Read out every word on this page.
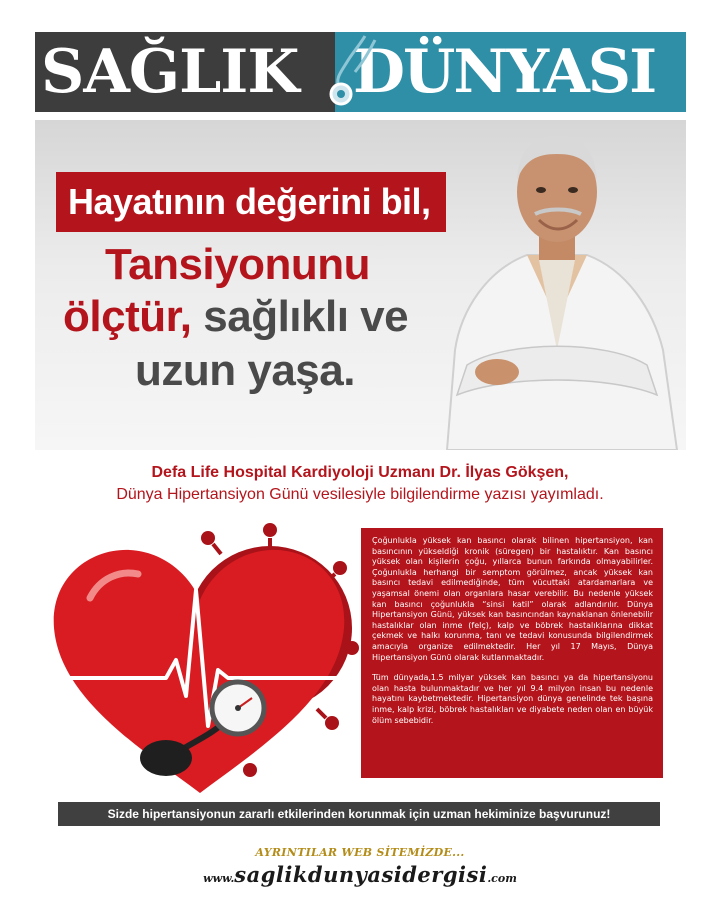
SAĞLIK DÜNYASI
Hayatının değerini bil,
Tansiyonunu
ölçtür, sağlıklı ve
uzun yaşa.
Defa Life Hospital Kardiyoloji Uzmanı Dr. İlyas Gökşen,
Dünya Hipertansiyon Günü vesilesiyle bilgilendirme yazısı yayımladı.

Çoğunlukla yüksek kan basıncı olarak bilinen hipertansiyon, kan basıncının yükseldiği kronik (süregen) bir hastalıktır. Kan basıncı yüksek olan kişilerin çoğu, yıllarca bunun farkında olmayabilirler. Çoğunlukla herhangi bir semptom görülmez, ancak yüksek kan basıncı tedavi edilmediğinde, tüm vücuttaki atardamarlara ve yaşamsal önemi olan organlara hasar verebilir. Bu nedenle yüksek kan basıncı çoğunlukla “sinsi katil” olarak adlandırılır. Dünya Hipertansiyon Günü, yüksek kan basıncından kaynaklanan önlenebilir hastalıklar olan inme (felç), kalp ve böbrek hastalıklarına dikkat çekmek ve halkı korunma, tanı ve tedavi konusunda bilgilendirmek amacıyla organize edilmektedir. Her yıl 17 Mayıs, Dünya Hipertansiyon Günü olarak kutlanmaktadır.

Tüm dünyada,1.5 milyar yüksek kan basıncı ya da hipertansiyonu olan hasta bulunmaktadır ve her yıl 9.4 milyon insan bu nedenle hayatını kaybetmektedir. Hipertansiyon dünya genelinde tek başına inme, kalp krizi, böbrek hastalıkları ve diyabete neden olan en büyük ölüm sebebidir.

Sizde hipertansiyonun zararlı etkilerinden korunmak için uzman hekiminize başvurunuz!
AYRINTILAR WEB SİTEMİZDE...
www.saglikdunyasidergisi.com
